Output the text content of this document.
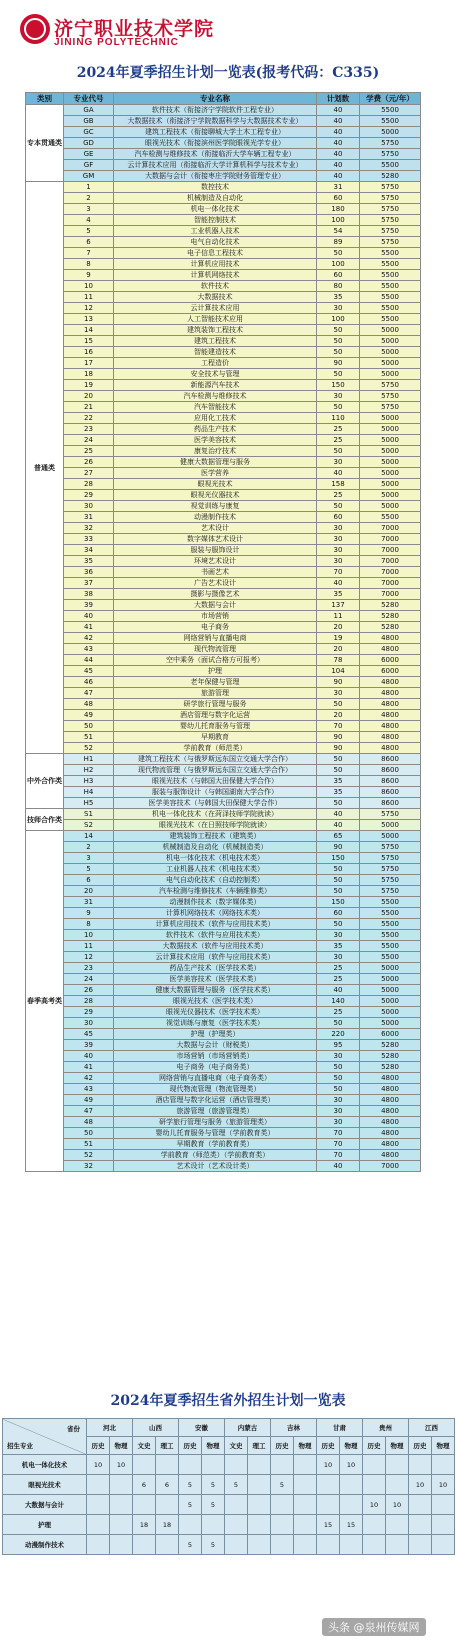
济宁职业技术学院
JINING POLYTECHNIC
2024年夏季招生计划一览表(报考代码：C335)
类别	专业代号	专业名称	计划数	学费（元/年）
专本贯通类	GA	软件技术（衔接济宁学院软件工程专业）	40	5500
	GB	大数据技术（衔接济宁学院数据科学与大数据技术专业）	40	5500
	GC	建筑工程技术（衔接聊城大学土木工程专业）	40	5000
	GD	眼视光技术（衔接滨州医学院眼视光学专业）	40	5750
	GE	汽车检测与维修技术（衔接临沂大学车辆工程专业）	40	5750
	GF	云计算技术应用（衔接临沂大学计算机科学与技术专业）	40	5500
	GM	大数据与会计（衔接枣庄学院财务管理专业）	40	5280
普通类	1	数控技术	31	5750
	2	机械制造及自动化	60	5750
	3	机电一体化技术	180	5750
	4	智能控制技术	100	5750
	5	工业机器人技术	54	5750
	6	电气自动化技术	89	5750
	7	电子信息工程技术	50	5500
	8	计算机应用技术	100	5500
	9	计算机网络技术	60	5500
	10	软件技术	80	5500
	11	大数据技术	35	5500
	12	云计算技术应用	30	5500
	13	人工智能技术应用	100	5500
	14	建筑装饰工程技术	50	5000
	15	建筑工程技术	50	5000
	16	智能建造技术	50	5000
	17	工程造价	90	5000
	18	安全技术与管理	50	5000
	19	新能源汽车技术	150	5750
	20	汽车检测与维修技术	30	5750
	21	汽车智能技术	50	5750
	22	应用化工技术	110	5000
	23	药品生产技术	25	5000
	24	医学美容技术	25	5000
	25	康复治疗技术	50	5000
	26	健康大数据管理与服务	30	5000
	27	医学营养	40	5000
	28	眼视光技术	158	5000
	29	眼视光仪器技术	25	5000
	30	视觉训练与康复	50	5000
	31	动漫制作技术	60	5500
	32	艺术设计	30	7000
	33	数字媒体艺术设计	30	7000
	34	服装与服饰设计	30	7000
	35	环境艺术设计	30	7000
	36	书画艺术	70	7000
	37	广告艺术设计	40	7000
	38	摄影与摄像艺术	35	7000
	39	大数据与会计	137	5280
	40	市场营销	11	5280
	41	电子商务	20	5280
	42	网络营销与直播电商	19	4800
	43	现代物流管理	20	4800
	44	空中乘务（面试合格方可报考）	78	6000
	45	护理	104	6000
	46	老年保健与管理	90	4800
	47	旅游管理	30	4800
	48	研学旅行管理与服务	50	4800
	49	酒店管理与数字化运营	20	4800
	50	婴幼儿托育服务与管理	70	4800
	51	早期教育	90	4800
	52	学前教育（师范类）	90	4800
中外合作类	H1	建筑工程技术（与俄罗斯远东国立交通大学合作）	50	8600
	H2	现代物流管理（与俄罗斯远东国立交通大学合作）	50	8600
	H3	眼视光技术（与韩国大田保健大学合作）	35	8600
	H4	服装与服饰设计（与韩国湖南大学合作）	35	8600
	H5	医学美容技术（与韩国大田保健大学合作）	50	8600
技师合作类	S1	机电一体化技术（在菏泽技师学院就读）	40	5750
	S2	眼视光技术（在日照技师学院就读）	40	5000
春季高考类	14	建筑装饰工程技术（建筑类）	65	5000
	2	机械制造及自动化（机械制造类）	90	5750
	3	机电一体化技术（机电技术类）	150	5750
	5	工业机器人技术（机电技术类）	50	5750
	6	电气自动化技术（自动控制类）	50	5750
	20	汽车检测与维修技术（车辆维修类）	50	5750
	31	动漫制作技术（数字媒体类）	150	5500
	9	计算机网络技术（网络技术类）	60	5500
	8	计算机应用技术（软件与应用技术类）	50	5500
	10	软件技术（软件与应用技术类）	30	5500
	11	大数据技术（软件与应用技术类）	35	5500
	12	云计算技术应用（软件与应用技术类）	30	5500
	23	药品生产技术（医学技术类）	25	5000
	24	医学美容技术（医学技术类）	25	5000
	26	健康大数据管理与服务（医学技术类）	40	5000
	28	眼视光技术（医学技术类）	140	5000
	29	眼视光仪器技术（医学技术类）	25	5000
	30	视觉训练与康复（医学技术类）	50	5000
	45	护理（护理类）	220	6000
	39	大数据与会计（财税类）	95	5280
	40	市场营销（市场营销类）	30	5280
	41	电子商务（电子商务类）	50	5280
	42	网络营销与直播电商（电子商务类）	50	4800
	43	现代物流管理（物流管理类）	50	4800
	49	酒店管理与数字化运营（酒店管理类）	30	4800
	47	旅游管理（旅游管理类）	30	4800
	48	研学旅行管理与服务（旅游管理类）	30	4800
	50	婴幼儿托育服务与管理（学前教育类）	70	4800
	51	早期教育（学前教育类）	70	4800
	52	学前教育（师范类）（学前教育类）	70	4800
	32	艺术设计（艺术设计类）	40	7000
2024年夏季招生省外招生计划一览表
省份
招生专业	河北		山西		安徽		内蒙古		吉林		甘肃		贵州		江西	
	历史	物理	文史	理工	历史	物理	文史	理工	历史	物理	历史	物理	历史	物理	历史	物理
机电一体化技术	10	10									10	10				
眼视光技术			6	6	5	5	5		5						10	10
大数据与会计					5	5							10	10		
护理			18	18							15	15				
动漫制作技术					5	5										
头条 @泉州传媒网
